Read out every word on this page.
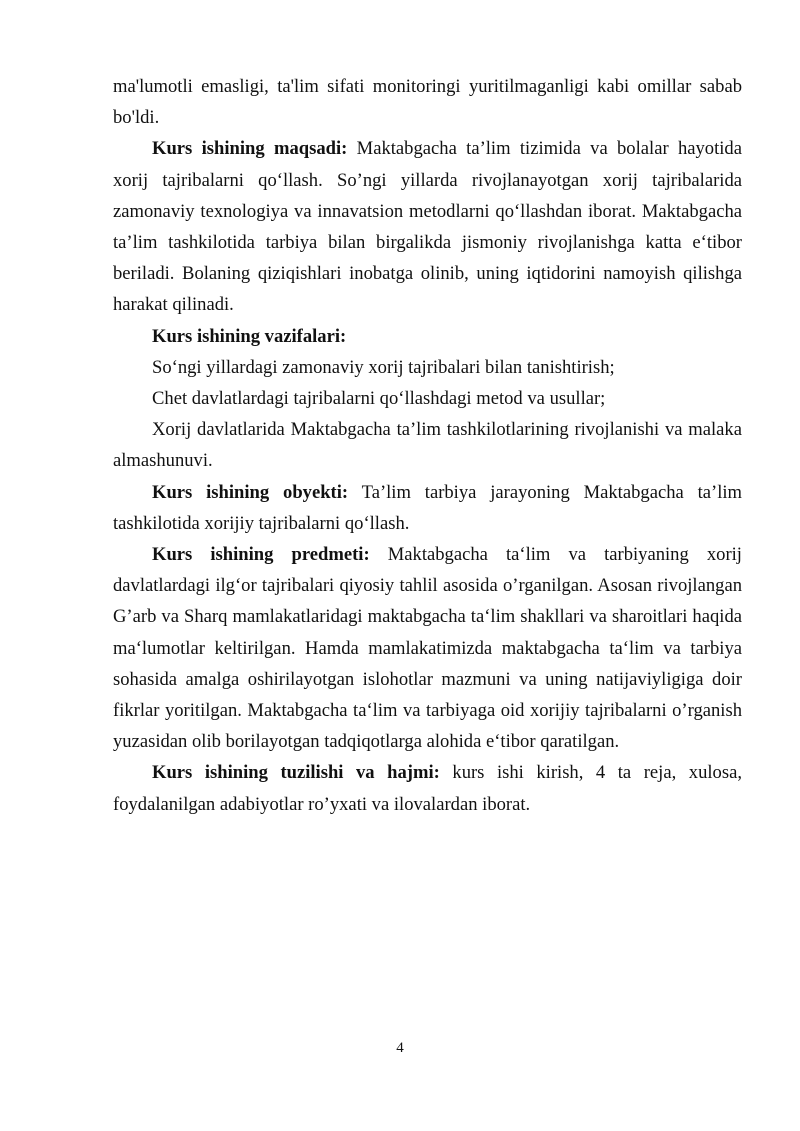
ma'lumotli emasligi, ta'lim sifati monitoringi yuritilmaganligi kabi omillar sabab bo'ldi.

Kurs ishining maqsadi: Maktabgacha ta’lim tizimida va bolalar hayotida xorij tajribalarni qo‘llash. So’ngi yillarda rivojlanayotgan xorij tajribalarida zamonaviy texnologiya va innavatsion metodlarni qo‘llashdan iborat. Maktabgacha ta’lim tashkilotida tarbiya bilan birgalikda jismoniy rivojlanishga katta e‘tibor beriladi. Bolaning qiziqishlari inobatga olinib, uning iqtidorini namoyish qilishga harakat qilinadi.

Kurs ishining vazifalari:

So‘ngi yillardagi zamonaviy xorij tajribalari bilan tanishtirish;

Chet davlatlardagi tajribalarni qo‘llashdagi metod va usullar;

Xorij davlatlarida Maktabgacha ta’lim tashkilotlarining rivojlanishi va malaka almashunuvi.

Kurs ishining obyekti: Ta’lim tarbiya jarayoning Maktabgacha ta’lim tashkilotida xorijiy tajribalarni qo‘llash.

Kurs ishining predmeti: Maktabgacha ta‘lim va tarbiyaning xorij davlatlardagi ilg‘or tajribalari qiyosiy tahlil asosida o’rganilgan. Asosan rivojlangan G’arb va Sharq mamlakatlaridagi maktabgacha ta‘lim shakllari va sharoitlari haqida ma‘lumotlar keltirilgan. Hamda mamlakatimizda maktabgacha ta‘lim va tarbiya sohasida amalga oshirilayotgan islohotlar mazmuni va uning natijaviyligiga doir fikrlar yoritilgan. Maktabgacha ta‘lim va tarbiyaga oid xorijiy tajribalarni o’rganish yuzasidan olib borilayotgan tadqiqotlarga alohida e‘tibor qaratilgan.

Kurs ishining tuzilishi va hajmi: kurs ishi kirish, 4 ta reja, xulosa, foydalanilgan adabiyotlar ro’yxati va ilovalardan iborat.

4
